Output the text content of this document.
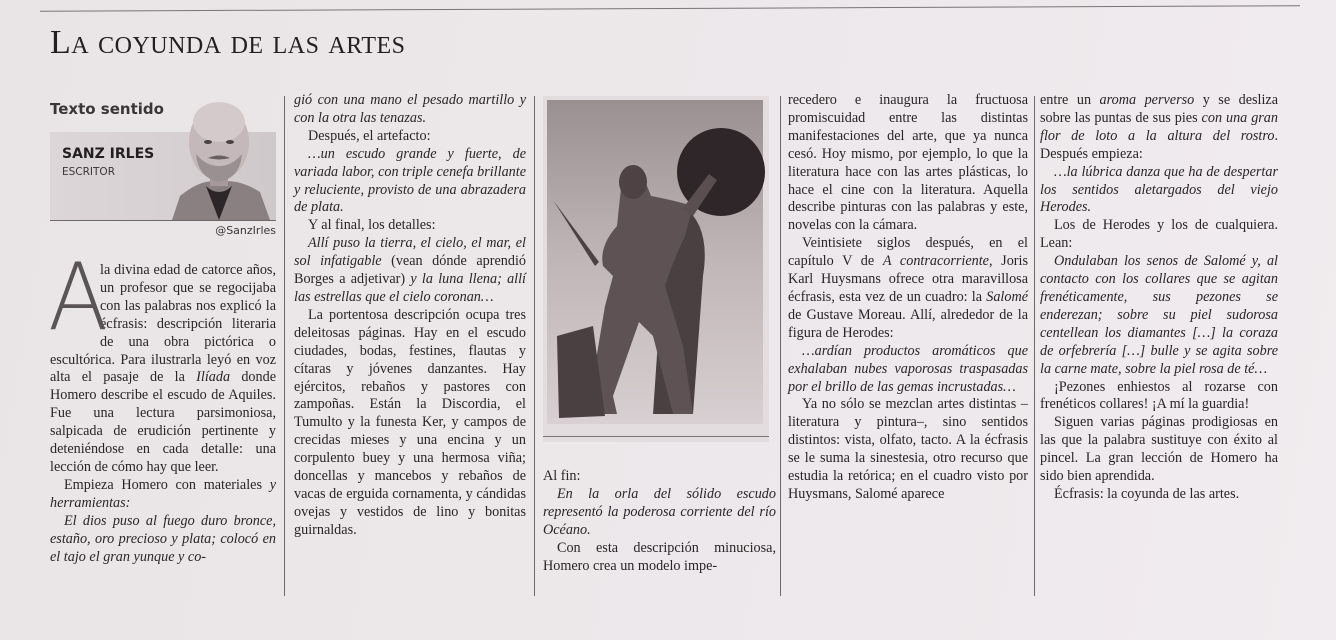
La coyunda de las artes
Texto sentido
SANZ IRLES
ESCRITOR
@SanzIrles
A

la divina edad de catorce años, un profesor que se regocijaba con las palabras nos explicó la écfrasis: descripción literaria de una obra pictórica o escultórica. Para ilustrarla leyó en voz alta el pasaje de la Ilíada donde Homero describe el escudo de Aquiles. Fue una lectura parsimoniosa, salpicada de erudición pertinente y deteniéndose en cada detalle: una lección de cómo hay que leer.

Empieza Homero con materiales y herramientas:

El dios puso al fuego duro bronce, estaño, oro precioso y plata; colocó en el tajo el gran yunque y co-

gió con una mano el pesado martillo y con la otra las tenazas.

Después, el artefacto:

…un escudo grande y fuerte, de variada labor, con triple cenefa brillante y reluciente, provisto de una abrazadera de plata.

Y al final, los detalles:

Allí puso la tierra, el cielo, el mar, el sol infatigable (vean dónde aprendió Borges a adjetivar) y la luna llena; allí las estrellas que el cielo coronan…

La portentosa descripción ocupa tres deleitosas páginas. Hay en el escudo ciudades, bodas, festines, flautas y cítaras y jóvenes danzantes. Hay ejércitos, rebaños y pastores con zampoñas. Están la Discordia, el Tumulto y la funesta Ker, y campos de crecidas mieses y una encina y un corpulento buey y una hermosa viña; doncellas y mancebos y rebaños de vacas de erguida cornamenta, y cándidas ovejas y vestidos de lino y bonitas guirnaldas.

Al fin:

En la orla del sólido escudo representó la poderosa corriente del río Océano.

Con esta descripción minuciosa, Homero crea un modelo impe-

recedero e inaugura la fructuosa promiscuidad entre las distintas manifestaciones del arte, que ya nunca cesó. Hoy mismo, por ejemplo, lo que la literatura hace con las artes plásticas, lo hace el cine con la literatura. Aquella describe pinturas con las palabras y este, novelas con la cámara.

Veintisiete siglos después, en el capítulo V de A contracorriente, Joris Karl Huysmans ofrece otra maravillosa écfrasis, esta vez de un cuadro: la Salomé de Gustave Moreau. Allí, alrededor de la figura de Herodes:

…ardían productos aromáticos que exhalaban nubes vaporosas traspasadas por el brillo de las gemas incrustadas…

Ya no sólo se mezclan artes distintas –literatura y pintura–, sino sentidos distintos: vista, olfato, tacto. A la écfrasis se le suma la sinestesia, otro recurso que estudia la retórica; en el cuadro visto por Huysmans, Salomé aparece

entre un aroma perverso y se desliza sobre las puntas de sus pies con una gran flor de loto a la altura del rostro. Después empieza:

…la lúbrica danza que ha de despertar los sentidos aletargados del viejo Herodes.

Los de Herodes y los de cualquiera. Lean:

Ondulaban los senos de Salomé y, al contacto con los collares que se agitan frenéticamente, sus pezones se enderezan; sobre su piel sudorosa centellean los diamantes […] la coraza de orfebrería […] bulle y se agita sobre la carne mate, sobre la piel rosa de té…

¡Pezones enhiestos al rozarse con frenéticos collares! ¡A mí la guardia!

Siguen varias páginas prodigiosas en las que la palabra sustituye con éxito al pincel. La gran lección de Homero ha sido bien aprendida.

Écfrasis: la coyunda de las artes.
